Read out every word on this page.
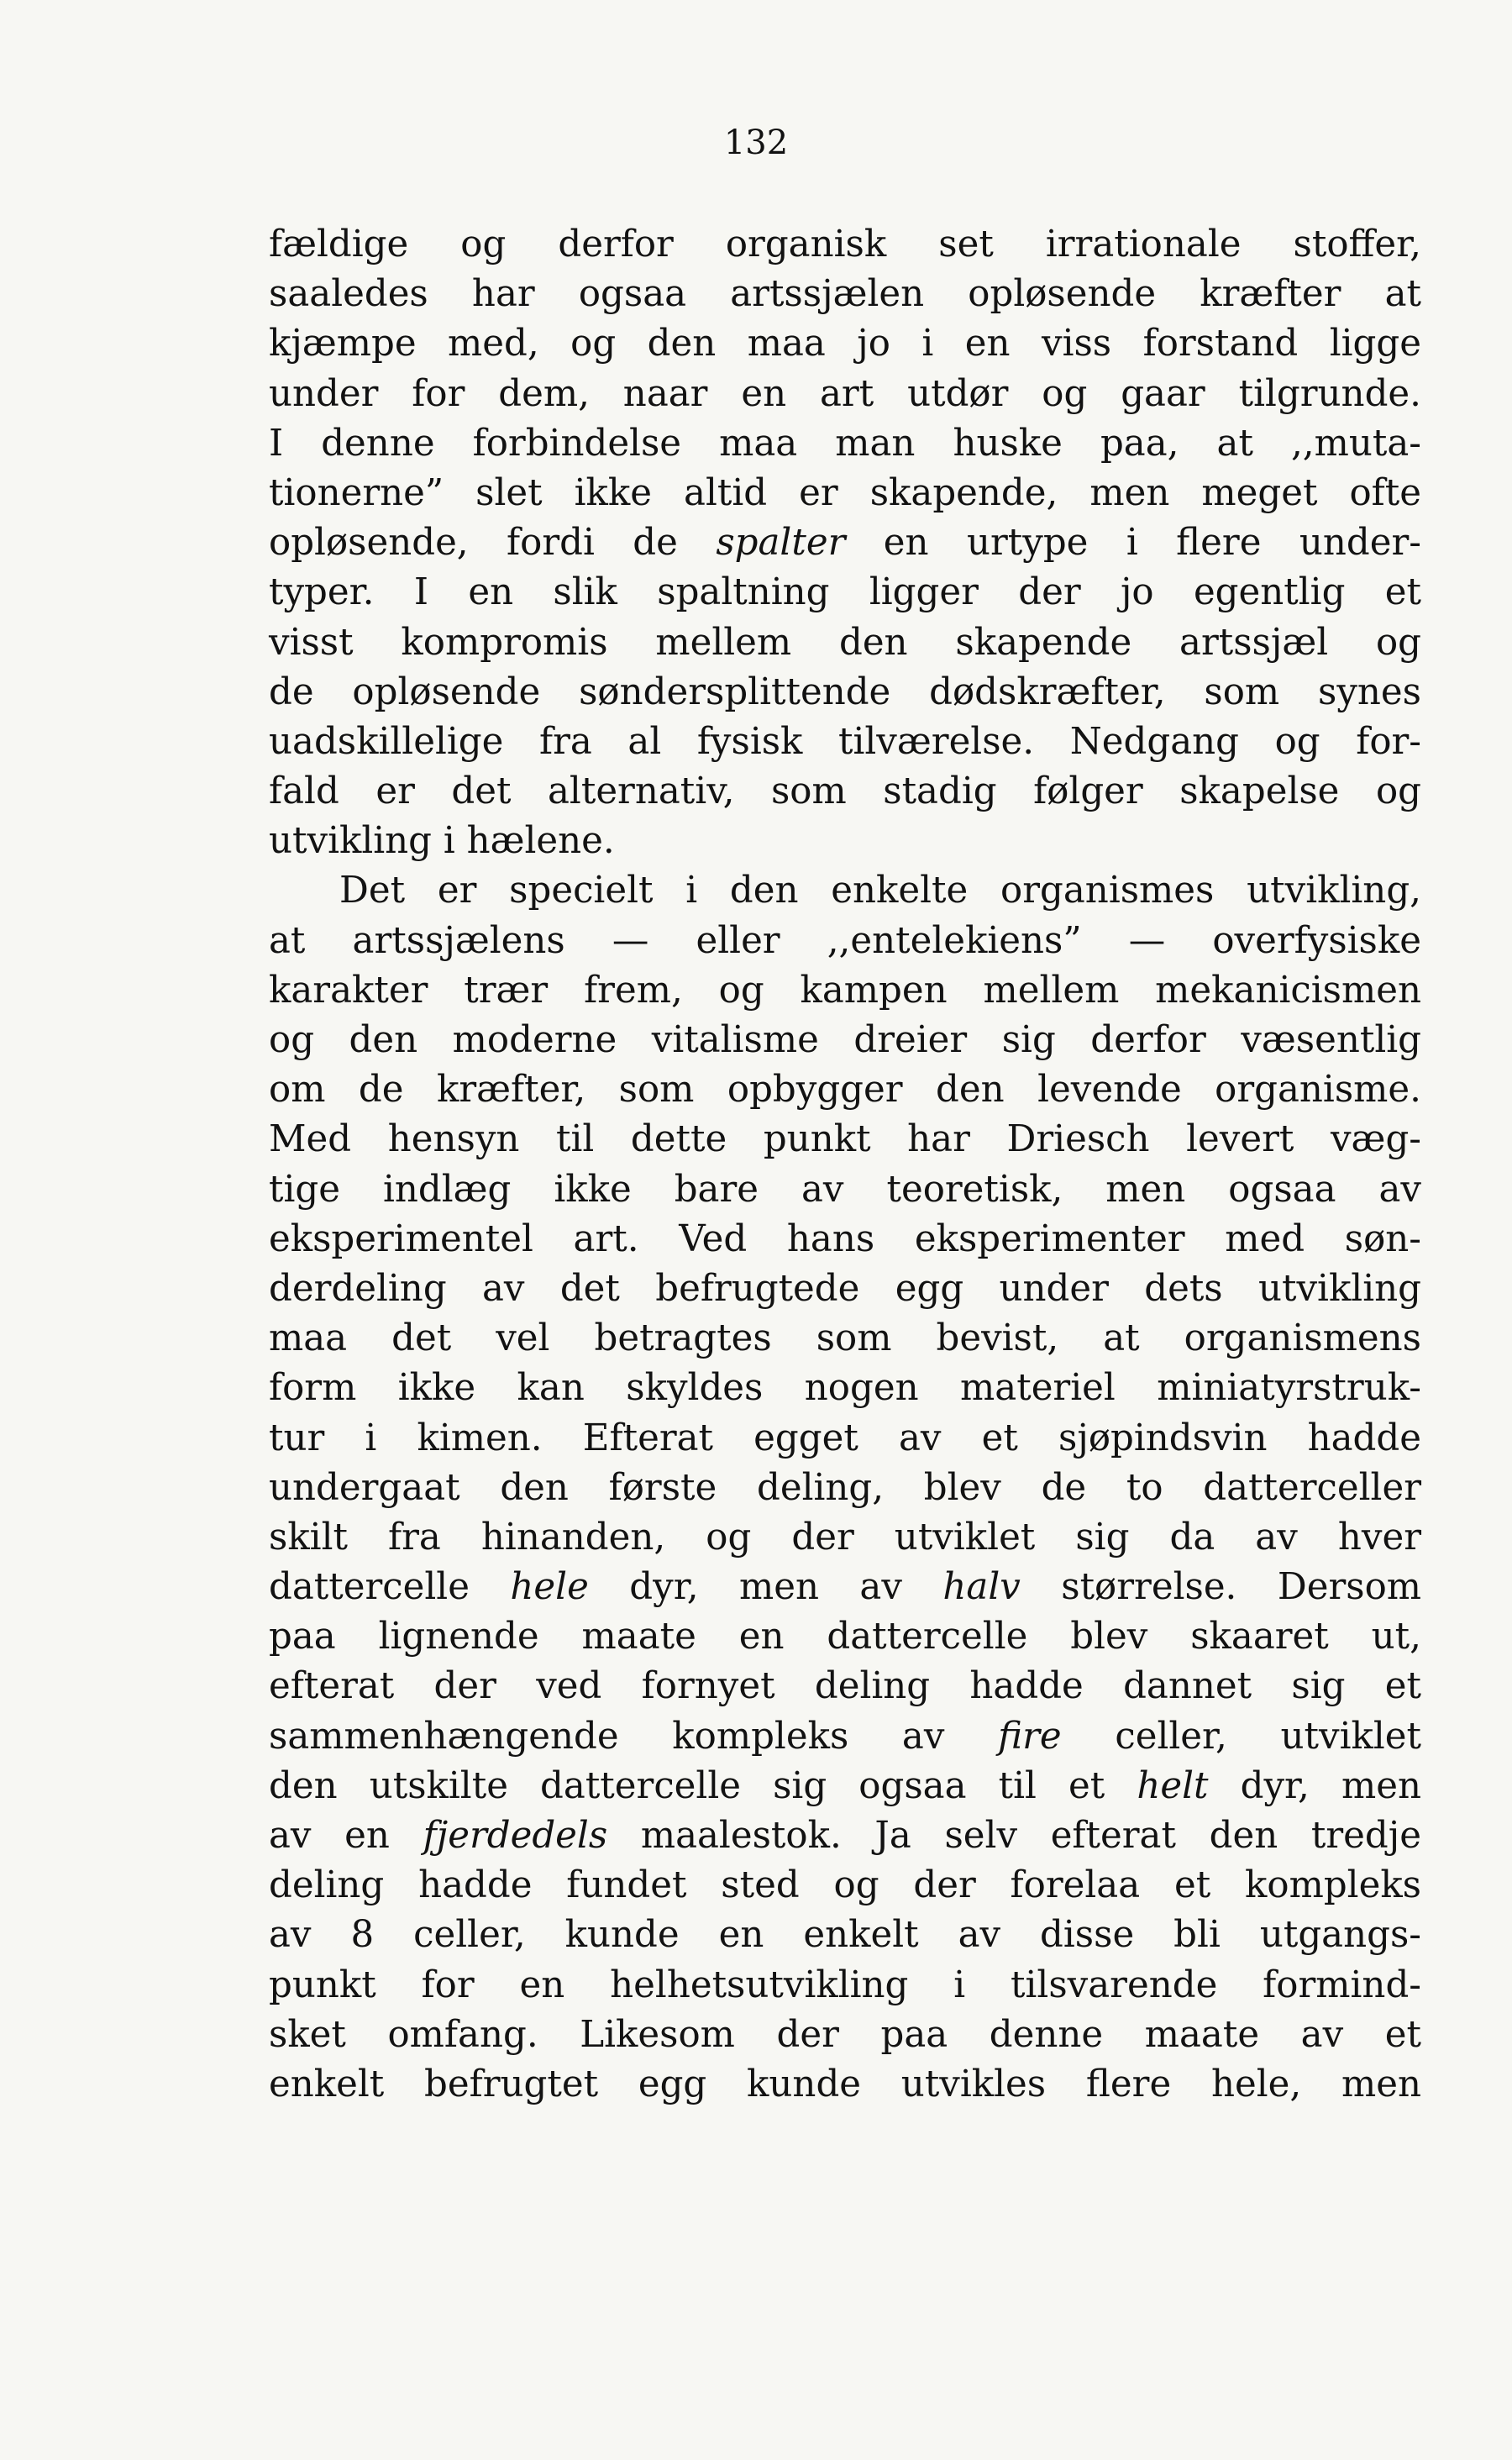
132
fældige og derfor organisk set irrationale stoffer,
saaledes har ogsaa artssjælen opløsende kræfter at
kjæmpe med, og den maa jo i en viss forstand ligge
under for dem, naar en art utdør og gaar tilgrunde.
I denne forbindelse maa man huske paa, at ,,muta-
tionerne” slet ikke altid er skapende, men meget ofte
opløsende, fordi de spalter en urtype i flere under-
typer. I en slik spaltning ligger der jo egentlig et
visst kompromis mellem den skapende artssjæl og
de opløsende søndersplittende dødskræfter, som synes
uadskillelige fra al fysisk tilværelse. Nedgang og for-
fald er det alternativ, som stadig følger skapelse og
utvikling i hælene.
Det er specielt i den enkelte organismes utvikling,
at artssjælens — eller ,,entelekiens” — overfysiske
karakter trær frem, og kampen mellem mekanicismen
og den moderne vitalisme dreier sig derfor væsentlig
om de kræfter, som opbygger den levende organisme.
Med hensyn til dette punkt har Driesch levert væg-
tige indlæg ikke bare av teoretisk, men ogsaa av
eksperimentel art. Ved hans eksperimenter med søn-
derdeling av det befrugtede egg under dets utvikling
maa det vel betragtes som bevist, at organismens
form ikke kan skyldes nogen materiel miniatyrstruk-
tur i kimen. Efterat egget av et sjøpindsvin hadde
undergaat den første deling, blev de to datterceller
skilt fra hinanden, og der utviklet sig da av hver
dattercelle hele dyr, men av halv størrelse. Dersom
paa lignende maate en dattercelle blev skaaret ut,
efterat der ved fornyet deling hadde dannet sig et
sammenhængende kompleks av fire celler, utviklet
den utskilte dattercelle sig ogsaa til et helt dyr, men
av en fjerdedels maalestok. Ja selv efterat den tredje
deling hadde fundet sted og der forelaa et kompleks
av 8 celler, kunde en enkelt av disse bli utgangs-
punkt for en helhetsutvikling i tilsvarende formind-
sket omfang. Likesom der paa denne maate av et
enkelt befrugtet egg kunde utvikles flere hele, men
